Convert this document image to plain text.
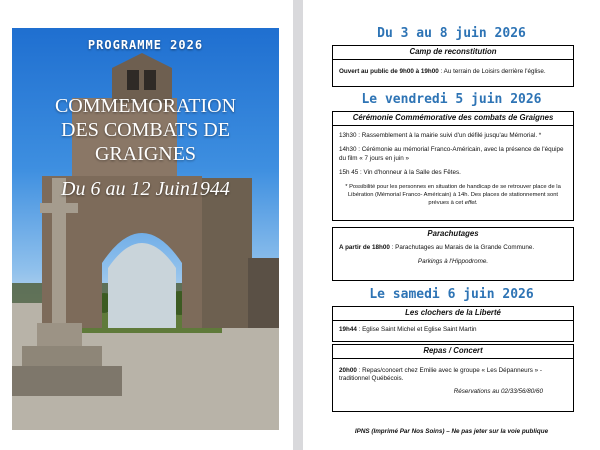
PROGRAMME 2026
COMMEMORATION
DES COMBATS DE
GRAIGNES
Du 6 au 12 Juin1944
Du 3 au 8 juin 2026
Camp de reconstitution
Ouvert au public de 9h00 à 19h00 : Au terrain de Loisirs derrière l'église.
Le vendredi 5 juin 2026
Cérémonie Commémorative des combats de Graignes
13h30 : Rassemblement à la mairie suivi d'un défilé jusqu'au Mémorial. *
14h30 : Cérémonie au mémorial Franco-Américain, avec la présence de l'équipe du film « 7 jours en juin »
15h 45 : Vin d'honneur à la Salle des Fêtes.
* Possibilité pour les personnes en situation de handicap de se retrouver place de la Libération (Mémorial Franco- Américain) à 14h. Des places de stationnement sont prévues à cet effet.
Parachutages
A partir de 18h00 : Parachutages au Marais de la Grande Commune.
Parkings à l'Hippodrome.
Le samedi 6 juin 2026
Les clochers de la Liberté
19h44 : Eglise Saint Michel et Eglise Saint Martin
Repas / Concert
20h00 : Repas/concert chez Emilie avec le groupe « Les Dépanneurs » - traditionnel Québécois.
Réservations au 02/33/56/80/60
IPNS (Imprimé Par Nos Soins) – Ne pas jeter sur la voie publique
